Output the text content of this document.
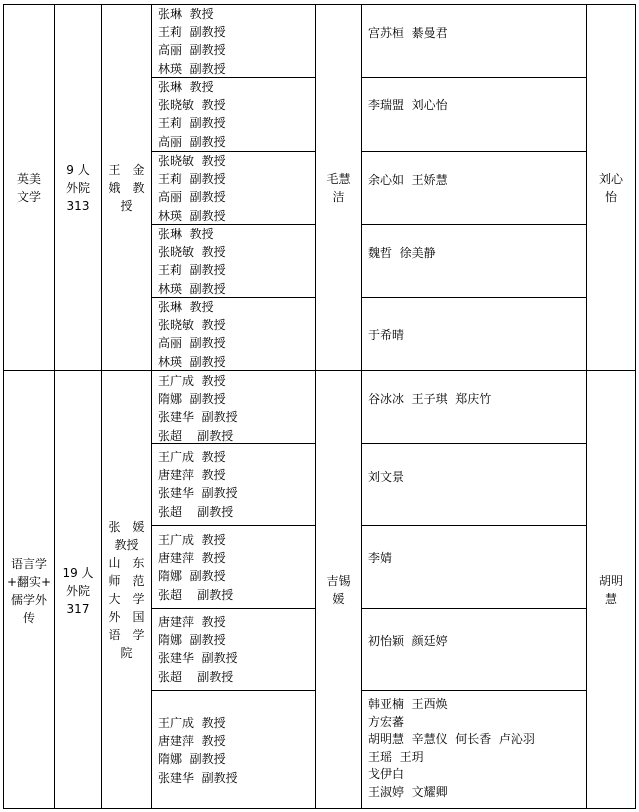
英美
文学
9 人
外院
313
王　金
娥　教
授
毛慧
洁
刘心
怡
张琳  教授
王莉  副教授
高丽  副教授
林瑛  副教授
张琳  教授
张晓敏  教授
王莉  副教授
高丽  副教授
张晓敏  教授
王莉  副教授
高丽  副教授
林瑛  副教授
张琳  教授
张晓敏  教授
王莉  副教授
林瑛  副教授
张琳  教授
张晓敏  教授
高丽  副教授
林瑛  副教授
宫苏桓  綦曼君
李瑞盟  刘心怡
余心如  王娇慧
魏哲  徐美静
于希晴
语言学
+翻实+
儒学外
传
19 人
外院
317
张　媛
教授
山　东
师　范
大　学
外　国
语　学
院
吉锡
媛
胡明
慧
王广成  教授
隋娜  副教授
张建华  副教授
张超    副教授
王广成  教授
唐建萍  教授
张建华  副教授
张超    副教授
王广成  教授
唐建萍  教授
隋娜  副教授
张超    副教授
唐建萍  教授
隋娜  副教授
张建华  副教授
张超    副教授
王广成  教授
唐建萍  教授
隋娜  副教授
张建华  副教授
谷冰冰  王子琪  郑庆竹
刘文景
李婧
初怡颖  颜廷婷
韩亚楠  王西焕
方宏蕃
胡明慧  辛慧仪  何长香  卢沁羽
王瑶  王玥
戈伊白
王淑婷  文耀卿
